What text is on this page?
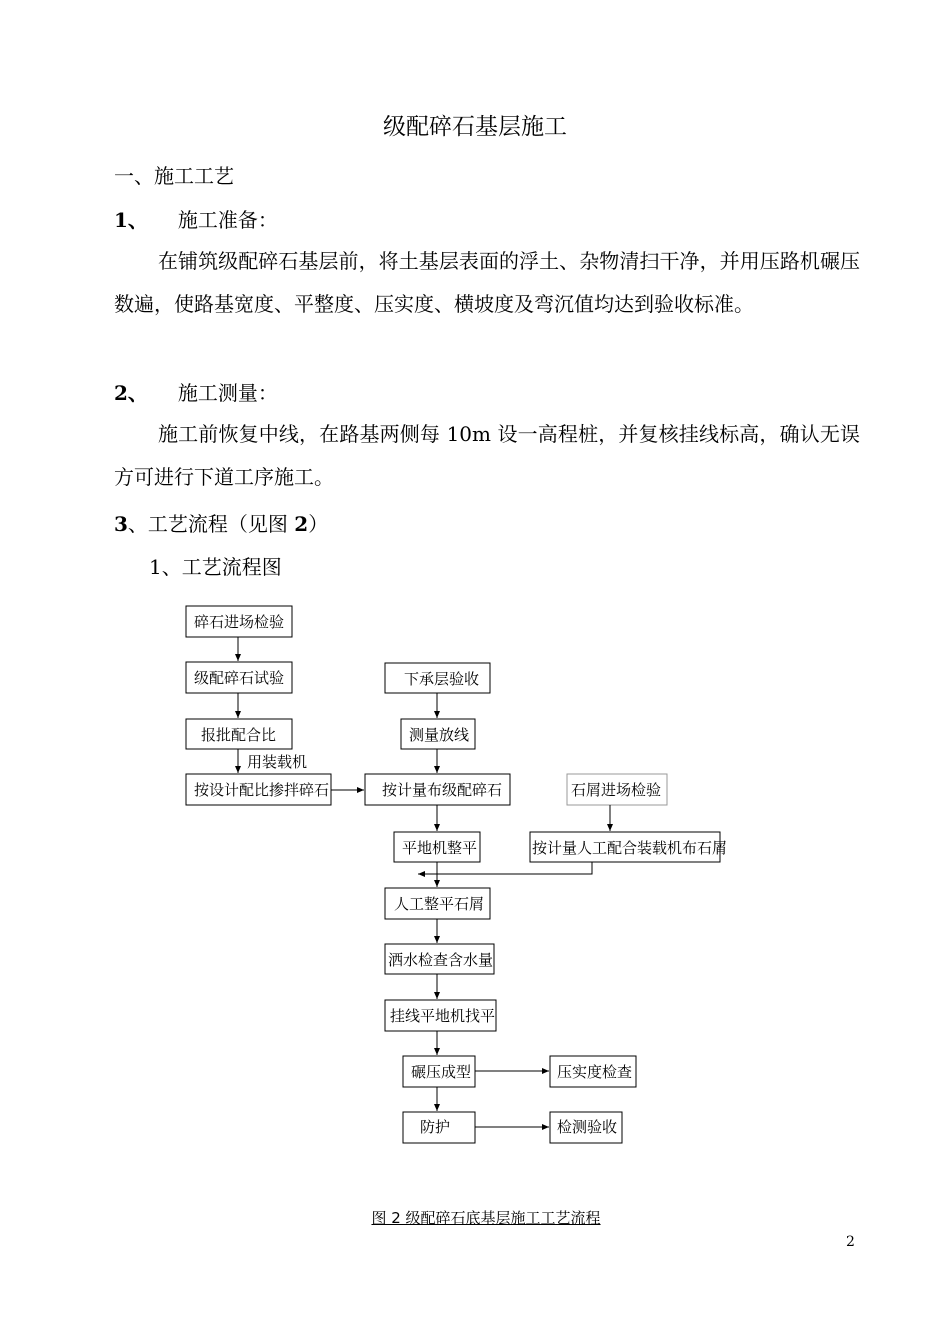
级配碎石基层施工
一、施工工艺
1、 施工准备：
在铺筑级配碎石基层前，将土基层表面的浮土、杂物清扫干净，并用压路机碾压数遍，使路基宽度、平整度、压实度、横坡度及弯沉值均达到验收标准。
2、 施工测量：
施工前恢复中线，在路基两侧每 10m 设一高程桩，并复核挂线标高，确认无误方可进行下道工序施工。
3、工艺流程（见图 2）
1、工艺流程图
碎石进场检验
级配碎石试验
报批配合比
用装载机
按设计配比掺拌碎石
下承层验收
测量放线
按计量布级配碎石	石屑进场检验
平地机整平	按计量人工配合装载机布石屑
人工整平石屑
洒水检查含水量
挂线平地机找平
碾压成型	压实度检查
防护	检测验收
图 2 级配碎石底基层施工工艺流程
2
